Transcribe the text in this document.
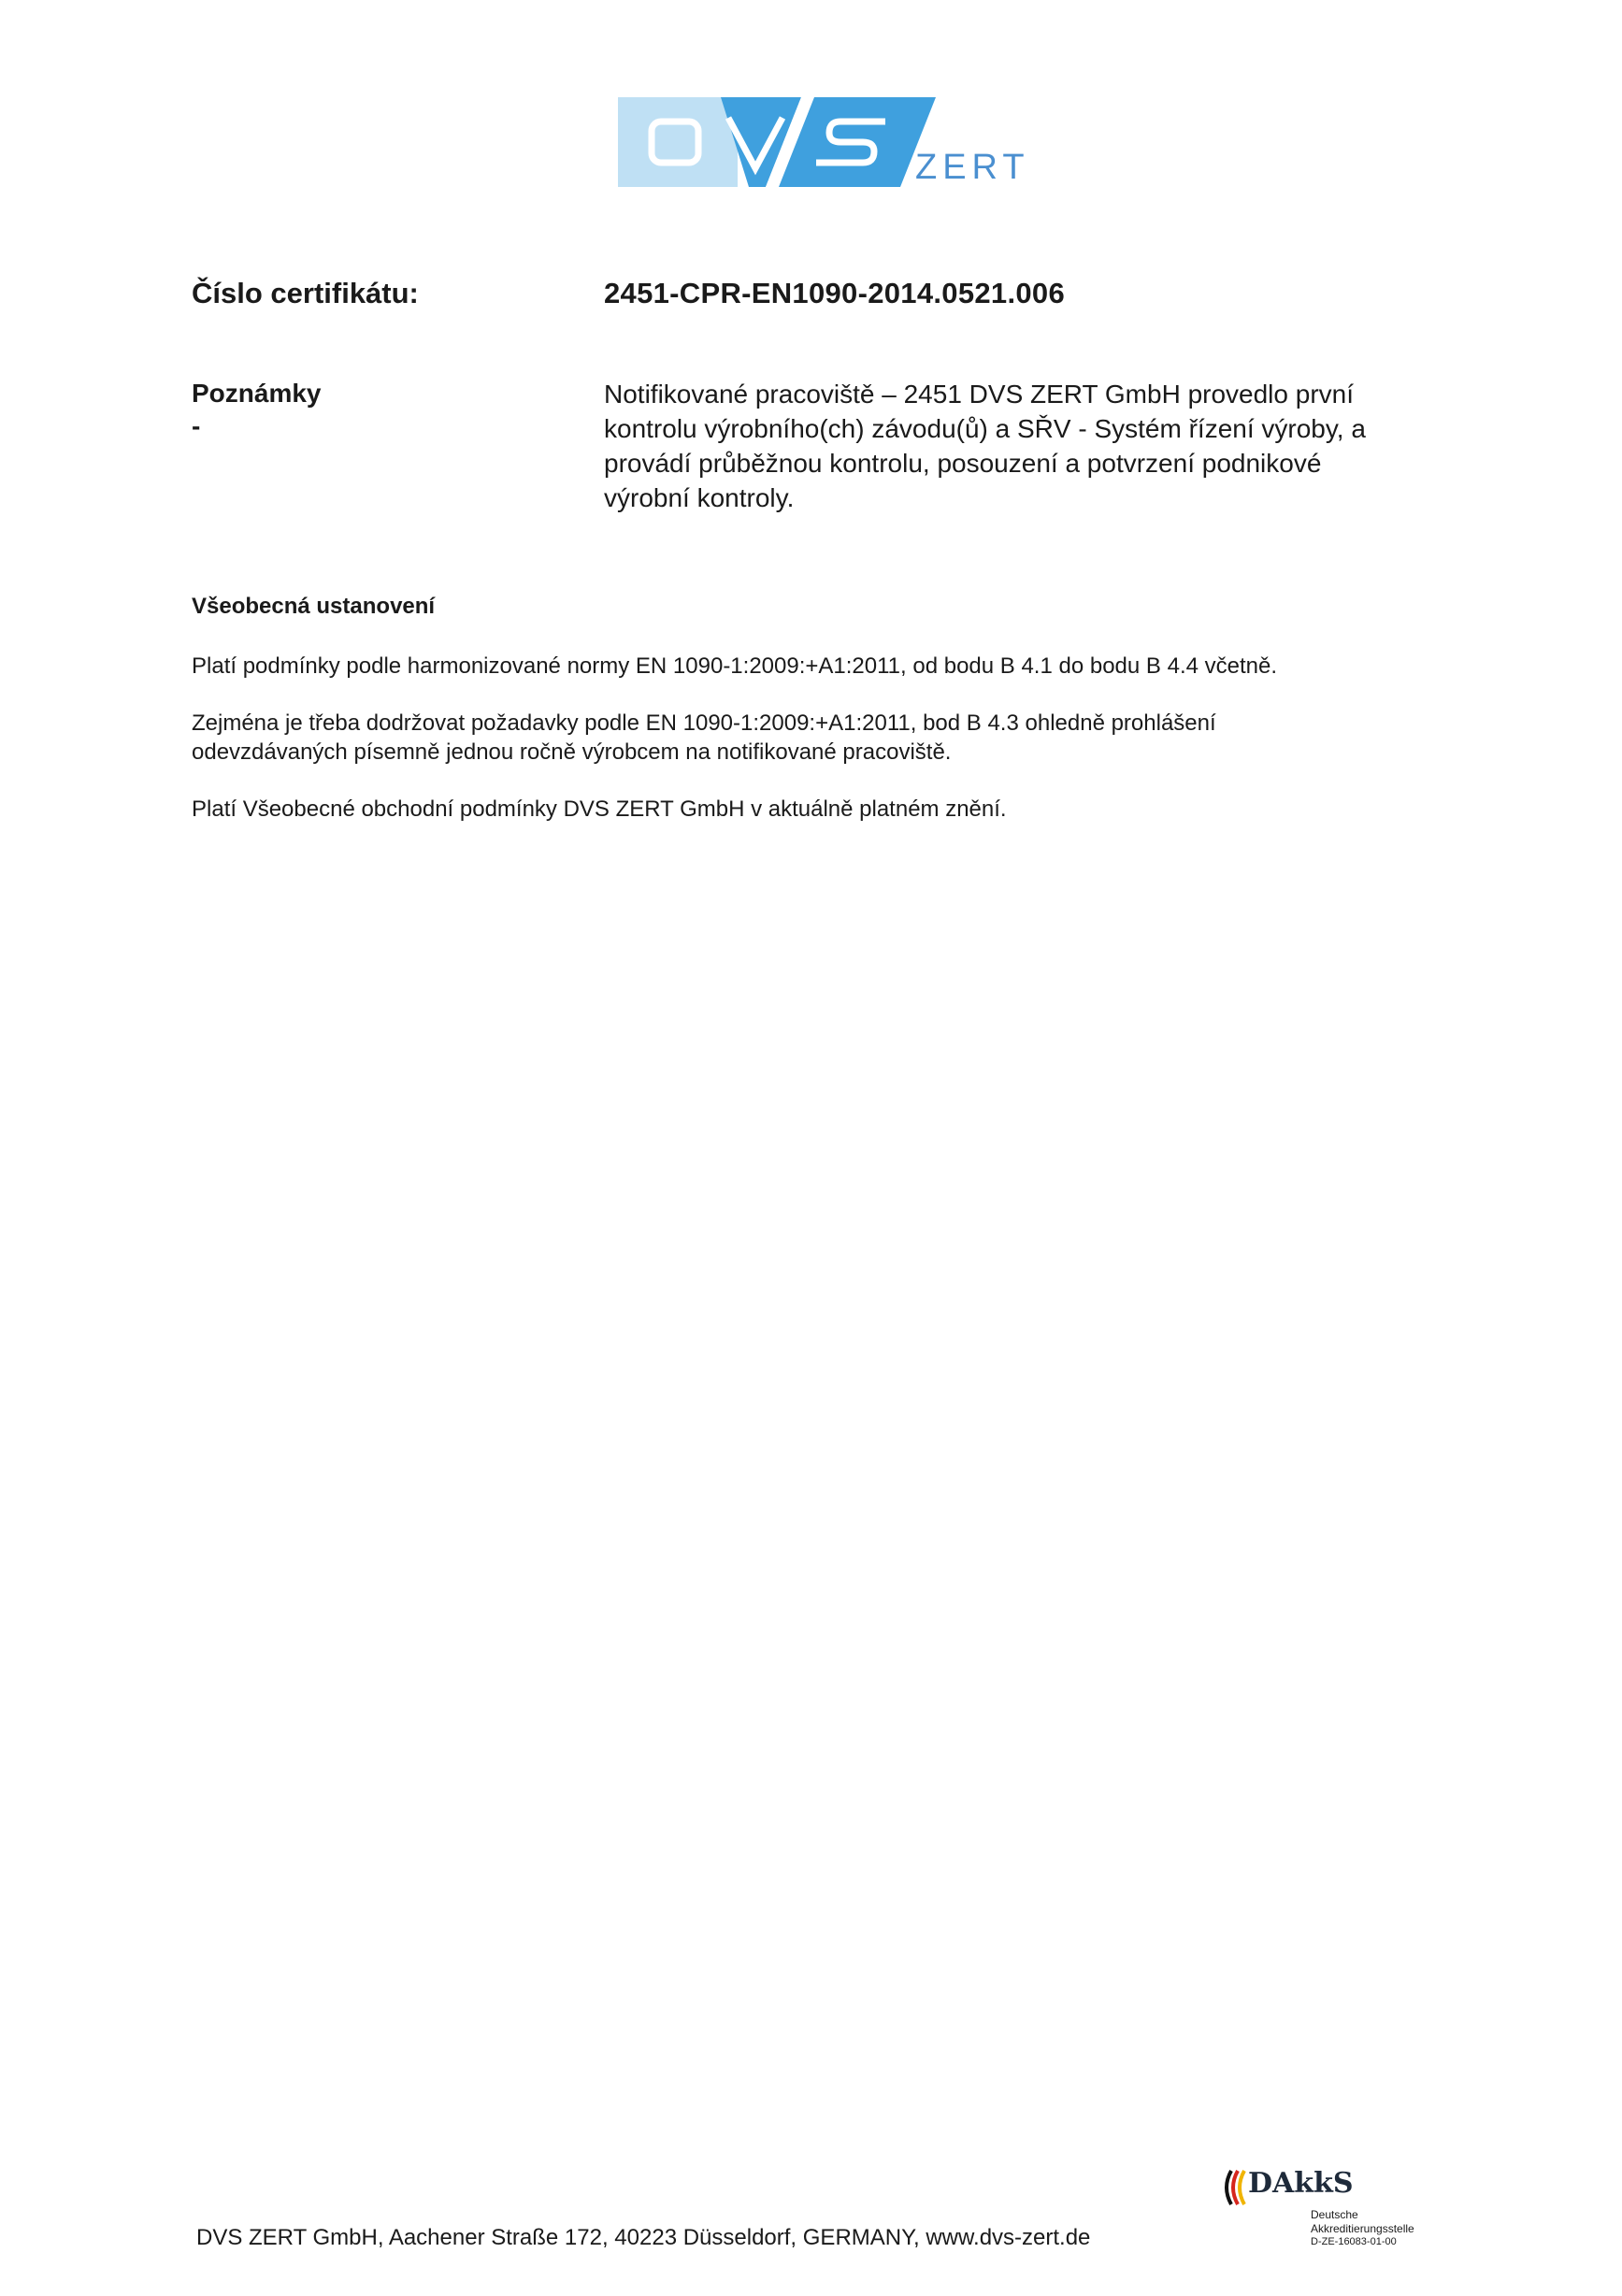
ZERT
Číslo certifikátu:	2451-CPR-EN1090-2014.0521.006
Poznámky
-
Notifikované pracoviště – 2451 DVS ZERT GmbH provedlo první
kontrolu výrobního(ch) závodu(ů) a SŘV - Systém řízení výroby, a
provádí průběžnou kontrolu, posouzení a potvrzení podnikové
výrobní kontroly.
Všeobecná ustanovení
Platí podmínky podle harmonizované normy EN 1090-1:2009:+A1:2011, od bodu B 4.1 do bodu B 4.4 včetně.
Zejména je třeba dodržovat požadavky podle EN 1090-1:2009:+A1:2011, bod B 4.3 ohledně prohlášení
odevzdávaných písemně jednou ročně výrobcem na notifikované pracoviště.
Platí Všeobecné obchodní podmínky DVS ZERT GmbH v aktuálně platném znění.
DVS ZERT GmbH, Aachener Straße 172, 40223 Düsseldorf, GERMANY, www.dvs-zert.de
DAkkS
Deutsche
Akkreditierungsstelle
D-ZE-16083-01-00
